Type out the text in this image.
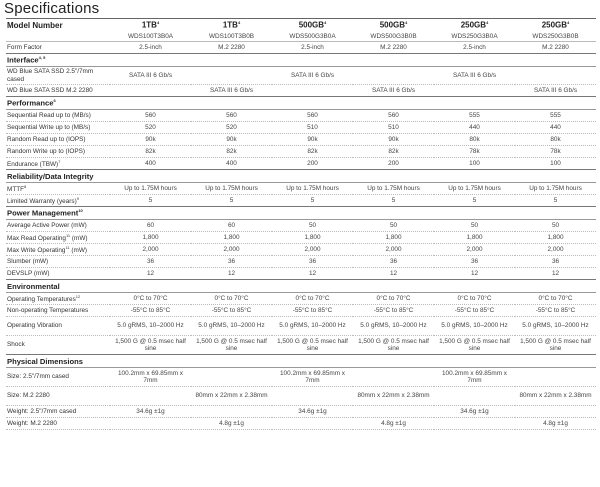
Specifications
Model Number	$1TB^4$	$1TB^4$	$500GB^4$	$500GB^4$	$250GB^4$	$250GB^4$
	WDS100T3B0A	WDS100T3B0B	WDS500G3B0A	WDS500G3B0B	WDS250G3B0A	WDS250G3B0B
Form Factor	2.5-inch	M.2 2280	2.5-inch	M.2 2280	2.5-inch	M.2 2280
Interface$^{4, 5}$
WD Blue SATA SSD 2.5"/7mm cased	SATA III 6 Gb/s		SATA III 6 Gb/s		SATA III 6 Gb/s	
WD Blue SATA SSD M.2 2280		SATA III 6 Gb/s		SATA III 6 Gb/s		SATA III 6 Gb/s
Performance$^6$
Sequential Read up to (MB/s)	560	560	560	560	555	555
Sequential Write up to (MB/s)	520	520	510	510	440	440
Random Read up to (IOPS)	90k	90k	90k	90k	80k	80k
Random Write up to (IOPS)	82k	82k	82k	82k	78k	78k
Endurance (TBW)$^7$	400	400	200	200	100	100
Reliability/Data Integrity						
MTTF$^8$	Up to 1.75M hours	Up to 1.75M hours	Up to 1.75M hours	Up to 1.75M hours	Up to 1.75M hours	Up to 1.75M hours
Limited Warranty (years)$^9$	5	5	5	5	5	5
Power Management$^{10}$
Average Active Power (mW)	60	60	50	50	50	50
Max Read Operating$^{11}$ (mW)	1,800	1,800	1,800	1,800	1,800	1,800
Max Write Operating$^{11}$ (mW)	2,000	2,000	2,000	2,000	2,000	2,000
Slumber (mW)	36	36	36	36	36	36
DEVSLP (mW)	12	12	12	12	12	12
Environmental						
Operating Temperatures$^{12}$	0°C to 70°C	0°C to 70°C	0°C to 70°C	0°C to 70°C	0°C to 70°C	0°C to 70°C
Non-operating Temperatures	-55°C to 85°C	-55°C to 85°C	-55°C to 85°C	-55°C to 85°C	-55°C to 85°C	-55°C to 85°C
Operating Vibration	5.0 gRMS, 10–2000 Hz	5.0 gRMS, 10–2000 Hz	5.0 gRMS, 10–2000 Hz	5.0 gRMS, 10–2000 Hz	5.0 gRMS, 10–2000 Hz	5.0 gRMS, 10–2000 Hz
Shock	1,500 G @ 0.5 msec half sine	1,500 G @ 0.5 msec half sine	1,500 G @ 0.5 msec half sine	1,500 G @ 0.5 msec half sine	1,500 G @ 0.5 msec half sine	1,500 G @ 0.5 msec half sine
Physical Dimensions						
Size: 2.5"/7mm cased	100.2mm x 69.85mm x 7mm		100.2mm x 69.85mm x 7mm		100.2mm x 69.85mm x 7mm	
Size: M.2 2280		80mm x 22mm x 2.38mm		80mm x 22mm x 2.38mm		80mm x 22mm x 2.38mm
Weight: 2.5"/7mm cased	34.6g ±1g		34.6g ±1g		34.6g ±1g	
Weight: M.2 2280		4.8g ±1g		4.8g ±1g		4.8g ±1g
